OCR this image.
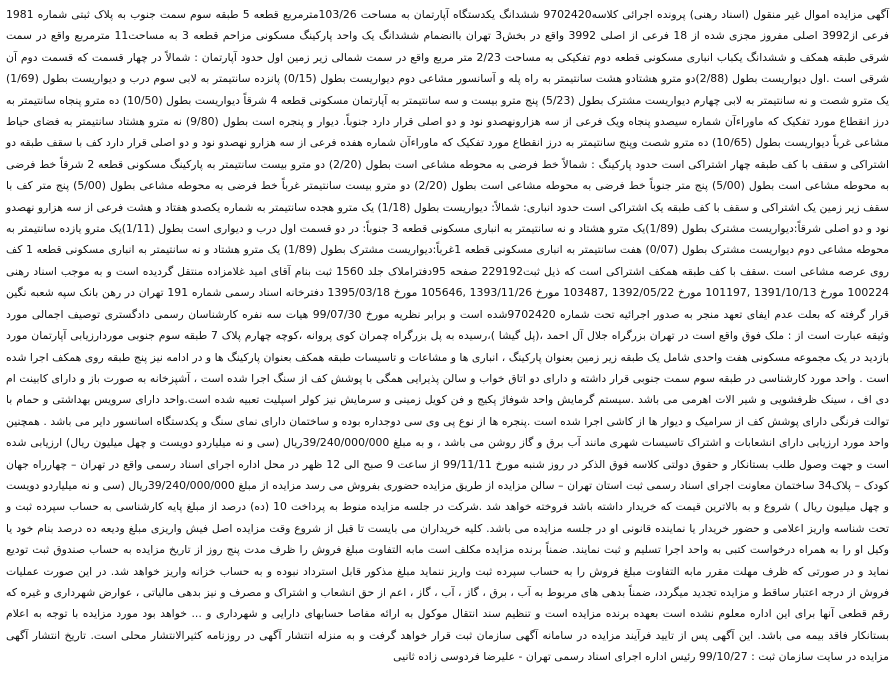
آگهی مزایده اموال غیر منقول (اسناد رهنی) پرونده اجرائی کلاسه9702420 ششدانگ یکدستگاه آپارتمان به مساحت 103/26مترمربع قطعه 5 طبقه سوم سمت جنوب به پلاک ثبتی شماره 1981 فرعی از3992 اصلی مفروز مجزی شده از 18 فرعی از اصلی 3992 واقع در بخش3 تهران باانضمام ششدانگ یک واحد پارکینگ مسکونی مزاحم قطعه 3 به مساحت11 مترمربع واقع در سمت شرقی طبقه همکف و ششدانگ یکباب انباری مسکونی قطعه دوم تفکیکی به مساحت 2/23 متر مربع واقع در سمت شمالی زیر زمین اول حدود آپارتمان : شمالاً در چهار قسمت که قسمت دوم آن شرقی است .اول دیواریست بطول (2/88)دو مترو هشتادو هشت سانتیمتر به راه پله و آسانسور مشاعی دوم دیواریست بطول (0/15) پانزده سانتیمتر به لابی سوم درب و دیواریست بطول (1/69) یک مترو شصت و نه سانتیمتر به لابی چهارم دیواریست مشترک بطول (5/23) پنج مترو بیست و سه سانتیمتر به آپارتمان مسکونی قطعه 4 شرقاً دیواریست بطول (10/50) ده مترو پنجاه سانتیمتر به درز انقطاع مورد تفکیک که ماوراءآن شماره سیصدو پنجاه ویک فرعی از سه هزارونهصدو نود و دو اصلی قرار دارد جنوباً. دیوار و پنجره است بطول (9/80) نه مترو هشتاد سانتیمتر به فضای حیاط مشاعی غرباً دیواریست بطول (10/65) ده مترو شصت وپنج سانتیمتر به درز انقطاع مورد تفکیک که ماوراءآن شماره هفده فرعی از سه هزارو نهصدو نود و دو اصلی قرار دارد کف با سقف طبقه دو اشتراکی و سقف با کف طبقه چهار اشتراکی است حدود پارکینگ : شمالاً خط فرضی به محوطه مشاعی است بطول (2/20) دو مترو بیست سانتیمتر به پارکینگ مسکونی قطعه 2 شرقاً خط فرضی به محوطه مشاعی است بطول (5/00) پنج متر جنوباً خط فرضی به محوطه مشاعی است بطول (2/20) دو مترو بیست سانتیمتر غرباً خط فرضی به محوطه مشاعی بطول (5/00) پنج متر کف با سقف زیر زمین یک اشتراکی و سقف با کف طبقه یک اشتراکی است حدود انباری: شمالاً: دیواریست بطول (1/18) یک مترو هجده سانتیمتر به شماره یکصدو هفتاد و هشت فرعی از سه هزارو نهصدو نود و دو اصلی شرقاً:دیواریست مشترک بطول (1/89)یک مترو هشتاد و نه سانتیمتر به انباری مسکونی قطعه 3 جنوباً: در دو قسمت اول درب و دیواری است بطول (1/11)یک مترو یازده سانتیمتر به محوطه مشاعی دوم دیواریست مشترک بطول (0/07) هفت سانتیمتر به انباری مسکونی قطعه 1غرباً:دیواریست مشترک بطول (1/89) یک مترو هشتاد و نه سانتیمتر به انباری مسکونی قطعه 1 کف روی عرصه مشاعی است .سقف با کف طبقه همکف اشتراکی است که ذیل ثبت229192 صفحه 95دفتراملاک جلد 1560 ثبت بنام آقای امید غلامزاده منتقل گردیده است و به موجب اسناد رهنی 100224 مورخ 1391/10/13 ,101197 مورخ 1392/05/22 ,103487 مورخ 1393/11/26 ,105646 مورخ 1395/03/18 دفترخانه اسناد رسمی شماره 191 تهران در رهن بانک سپه شعبه نگین قرار گرفته که بعلت عدم ایفای تعهد منجر به صدور اجرائیه تحت شماره 9702420شده است و برابر نظریه مورخ 99/07/30 هیات سه نفره کارشناسان رسمی دادگستری توصیف اجمالی مورد وثیقه عبارت است از : ملک فوق واقع است در تهران بزرگراه جلال آل احمد ،(پل گیشا )،رسیده به پل بزرگراه چمران کوی پروانه ،کوچه چهارم پلاک 7 طبقه سوم جنوبی موردارزیابی آپارتمان مورد بازدید در یک مجموعه مسکونی هفت واحدی شامل یک طبقه زیر زمین بعنوان پارکینگ ، انباری ها و مشاعات و تاسیسات طبقه همکف بعنوان پارکینگ ها و در ادامه نیز پنج طبقه روی همکف اجرا شده است . واحد مورد کارشناسی در طبقه سوم سمت جنوبی قرار داشته و دارای دو اتاق خواب و سالن پذیرایی همگی با پوشش کف از سنگ اجرا شده است ، آشپزخانه به صورت باز و دارای کابینت ام دی اف ، سینک ظرفشویی و شیر الات اهرمی می باشد .سیستم گرمایش واحد شوفاژ پکیج و فن کویل زمینی و سرمایش نیز کولر اسپلیت تعبیه شده است.واحد دارای سرویس بهداشتی و حمام با توالت فرنگی دارای پوشش کف از سرامیک و دیوار ها از کاشی اجرا شده است .پنجره ها از نوع پی وی سی دوجداره بوده و ساختمان دارای نمای سنگ و یکدستگاه اسانسور دایر می باشد . همچنین واحد مورد ارزیابی دارای انشعابات و اشتراک تاسیسات شهری مانند آب برق و گاز روشن می باشد ، و به مبلغ 39/240/000/000ریال (سی و نه میلیاردو دویست و چهل میلیون ریال) ارزیابی شده است و جهت وصول طلب بستانکار و حقوق دولتی کلاسه فوق الذکر در روز شنبه مورخ 99/11/11 از ساعت 9 صبح الی 12 ظهر در محل اداره اجرای اسناد رسمی واقع در تهران – چهارراه جهان کودک – پلاک34 ساختمان معاونت اجرای اسناد رسمی ثبت استان تهران – سالن مزایده از طریق مزایده حضوری بفروش می رسد مزایده از مبلغ 39/240/000/000ریال (سی و نه میلیاردو دویست و چهل میلیون ریال ) شروع و به بالاترین قیمت که خریدار داشته باشد فروخته خواهد شد .شرکت در جلسه مزایده منوط به پرداخت 10 (ده) درصد از مبلغ پایه کارشناسی به حساب سپرده ثبت و تحت شناسه واریز اعلامی و حضور خریدار یا نماینده قانونی او در جلسه مزایده می باشد. کلیه خریداران می بایست تا قبل از شروع وقت مزایده اصل فیش واریزی مبلغ ودیعه ده درصد بنام خود یا وکیل او را به همراه درخواست کتبی به واحد اجرا تسلیم و ثبت نمایند. ضمناً برنده مزایده مکلف است مابه التفاوت مبلغ فروش را ظرف مدت پنج روز از تاریخ مزایده به حساب صندوق ثبت تودیع نماید و در صورتی که ظرف مهلت مقرر مابه التفاوت مبلغ فروش را به حساب سپرده ثبت واریز ننماید مبلغ مذکور قابل استرداد نبوده و به حساب خزانه واریز خواهد شد. در این صورت عملیات فروش از درجه اعتبار ساقط و مزایده تجدید میگردد، ضمناً بدهی های مربوط به آب ، برق ، گاز ، آب ، گاز ، اعم از حق انشعاب و اشتراک و مصرف و نیز بدهی مالیاتی ، عوارض شهرداری و غیره که رقم قطعی آنها برای این اداره معلوم نشده است بعهده برنده مزایده است و تنظیم سند انتقال موکول به ارائه مفاصا حسابهای دارایی و شهرداری و ... خواهد بود مورد مزایده با توجه به اعلام بستانکار فاقد بیمه می باشد. این آگهی پس از تایید فرآیند مزایده در سامانه آگهی سازمان ثبت قرار خواهد گرفت و به منزله انتشار آگهی در روزنامه کثیرالانتشار محلی است. تاریخ انتشار آگهی مزایده در سایت سازمان ثبت : 99/10/27 رئیس اداره اجرای اسناد رسمی تهران - علیرضا فردوسی زاده ثانیی
